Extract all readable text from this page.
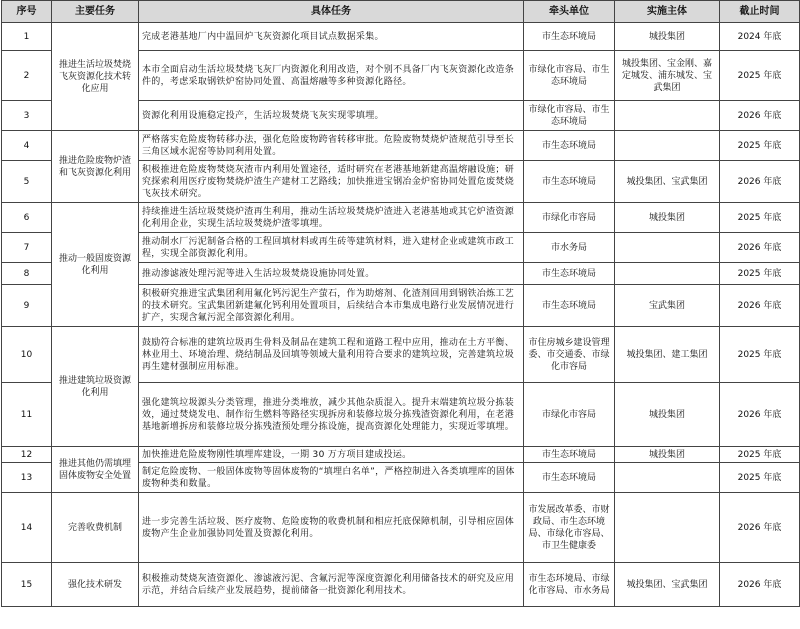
序号	主要任务	具体任务	牵头单位	实施主体	截止时间
1	推进生活垃圾焚烧飞灰资源化技术转化应用	完成老港基地厂内中温回炉飞灰资源化项目试点数据采集。	市生态环境局	城投集团	2024 年底
2		本市全面启动生活垃圾焚烧飞灰厂内资源化利用改造，对个别不具备厂内飞灰资源化改造条件的，考虑采取钢铁炉窑协同处置、高温熔融等多种资源化路径。	市绿化市容局、市生态环境局	城投集团、宝金刚、嘉定城发、浦东城发、宝武集团	2025 年底
3		资源化利用设施稳定投产，生活垃圾焚烧飞灰实现零填埋。	市绿化市容局、市生态环境局		2026 年底
4	推进危险废物炉渣和飞灰资源化利用	严格落实危险废物转移办法，强化危险废物跨省转移审批。危险废物焚烧炉渣规范引导至长三角区域水泥窑等协同利用处置。	市生态环境局		2025 年底
5		积极推进危险废物焚烧灰渣市内利用处置途径，适时研究在老港基地新建高温熔融设施；研究探索利用医疗废物焚烧炉渣生产建材工艺路线；加快推进宝钢冶金炉窑协同处置危废焚烧飞灰技术研究。	市生态环境局	城投集团、宝武集团	2026 年底
6	推动一般固废资源化利用	持续推进生活垃圾焚烧炉渣再生利用，推动生活垃圾焚烧炉渣进入老港基地或其它炉渣资源化利用企业，实现生活垃圾焚烧炉渣零填埋。	市绿化市容局	城投集团	2025 年底
7		推动制水厂污泥制备合格的工程回填材料或再生砖等建筑材料，进入建材企业或建筑市政工程，实现全部资源化利用。	市水务局		2026 年底
8		推动渗滤液处理污泥等进入生活垃圾焚烧设施协同处置。	市生态环境局		2025 年底
9		积极研究推进宝武集团利用氟化钙污泥生产萤石，作为助熔剂、化渣剂回用到钢铁冶炼工艺的技术研究。宝武集团新建氟化钙利用处置项目，后续结合本市集成电路行业发展情况进行扩产，实现含氟污泥全部资源化利用。	市生态环境局	宝武集团	2026 年底
10	推进建筑垃圾资源化利用	鼓励符合标准的建筑垃圾再生骨料及制品在建筑工程和道路工程中应用，推动在土方平衡、林业用土、环境治理、烧结制品及回填等领域大量利用符合要求的建筑垃圾，完善建筑垃圾再生建材强制应用标准。	市住房城乡建设管理委、市交通委、市绿化市容局	城投集团、建工集团	2025 年底
11		强化建筑垃圾源头分类管理，推进分类堆放，减少其他杂质混入。提升末端建筑垃圾分拣装效，通过焚烧发电、制作衍生燃料等路径实现拆房和装修垃圾分拣残渣资源化利用，在老港基地新增拆房和装修垃圾分拣残渣预处理分拣设施，提高资源化处理能力，实现近零填埋。	市绿化市容局	城投集团	2026 年底
12	推进其他仍需填埋固体废物安全处置	加快推进危险废物刚性填埋库建设，一期 30 万方项目建成投运。	市生态环境局	城投集团	2025 年底
13		制定危险废物、一般固体废物等固体废物的“填埋白名单”，严格控制进入各类填埋库的固体废物种类和数量。	市生态环境局		2025 年底
14	完善收费机制	进一步完善生活垃圾、医疗废物、危险废物的收费机制和相应托底保障机制，引导相应固体废物产生企业加强协同处置及资源化利用。	市发展改革委、市财政局、市生态环境局、市绿化市容局、市卫生健康委		2026 年底
15	强化技术研发	积极推动焚烧灰渣资源化、渗滤液污泥、含氟污泥等深度资源化利用储备技术的研究及应用示范，并结合后续产业发展趋势，提前储备一批资源化利用技术。	市生态环境局、市绿化市容局、市水务局	城投集团、宝武集团	2026 年底
